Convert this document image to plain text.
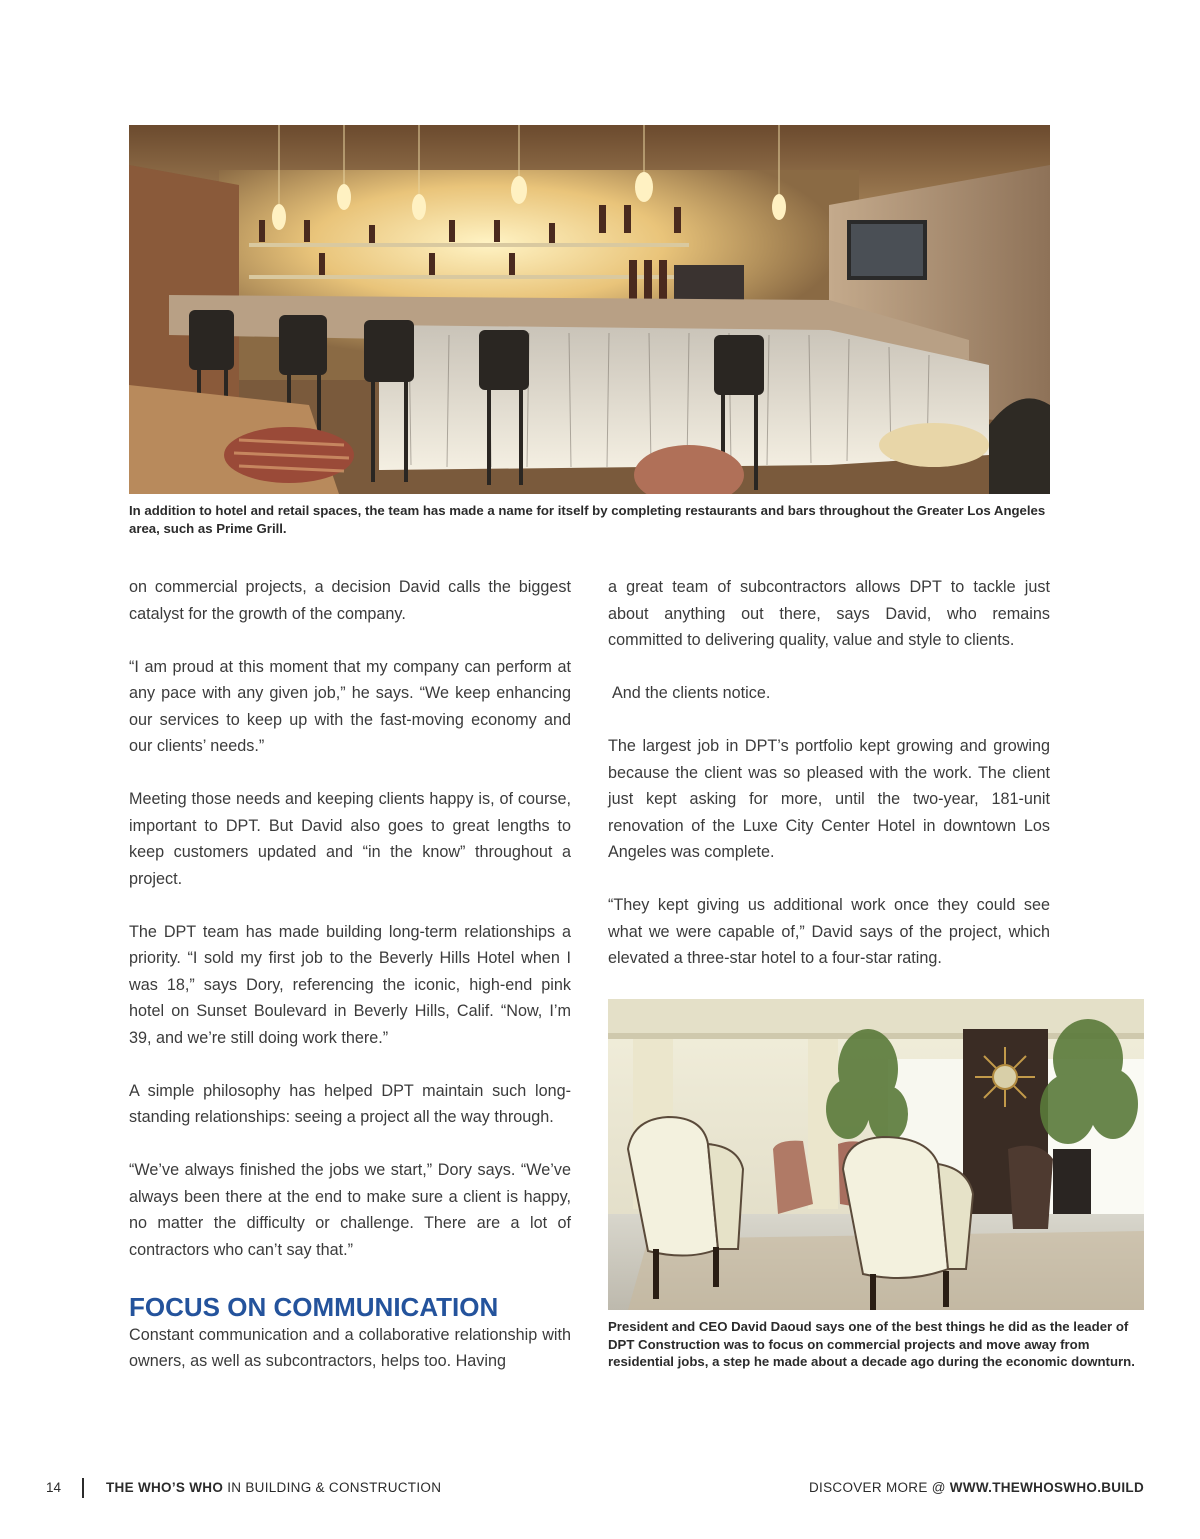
In addition to hotel and retail spaces, the team has made a name for itself by completing restaurants and bars throughout the Greater Los Angeles area, such as Prime Grill.

on commercial projects, a decision David calls the biggest catalyst for the growth of the company.

“I am proud at this moment that my company can perform at any pace with any given job,” he says. “We keep enhancing our services to keep up with the fast-moving economy and our clients’ needs.”

Meeting those needs and keeping clients happy is, of course, important to DPT. But David also goes to great lengths to keep customers updated and “in the know” throughout a project.

The DPT team has made building long-term relationships a priority. “I sold my first job to the Beverly Hills Hotel when I was 18,” says Dory, referencing the iconic, high-end pink hotel on Sunset Boulevard in Beverly Hills, Calif. “Now, I’m 39, and we’re still doing work there.”

A simple philosophy has helped DPT maintain such long-standing relationships: seeing a project all the way through.

“We’ve always finished the jobs we start,” Dory says. “We’ve always been there at the end to make sure a client is happy, no matter the difficulty or challenge. There are a lot of contractors who can’t say that.”

FOCUS ON COMMUNICATION

Constant communication and a collaborative relationship with owners, as well as subcontractors, helps too. Having

a great team of subcontractors allows DPT to tackle just about anything out there, says David, who remains committed to delivering quality, value and style to clients.

And the clients notice.

The largest job in DPT’s portfolio kept growing and growing because the client was so pleased with the work. The client just kept asking for more, until the two-year, 181-unit renovation of the Luxe City Center Hotel in downtown Los Angeles was complete.

“They kept giving us additional work once they could see what we were capable of,” David says of the project, which elevated a three-star hotel to a four-star rating.

President and CEO David Daoud says one of the best things he did as the leader of DPT Construction was to focus on commercial projects and move away from residential jobs, a step he made about a decade ago during the economic downturn.
14	THE WHO’S WHO IN BUILDING & CONSTRUCTION	DISCOVER MORE @ WWW.THEWHOSWHO.BUILD
